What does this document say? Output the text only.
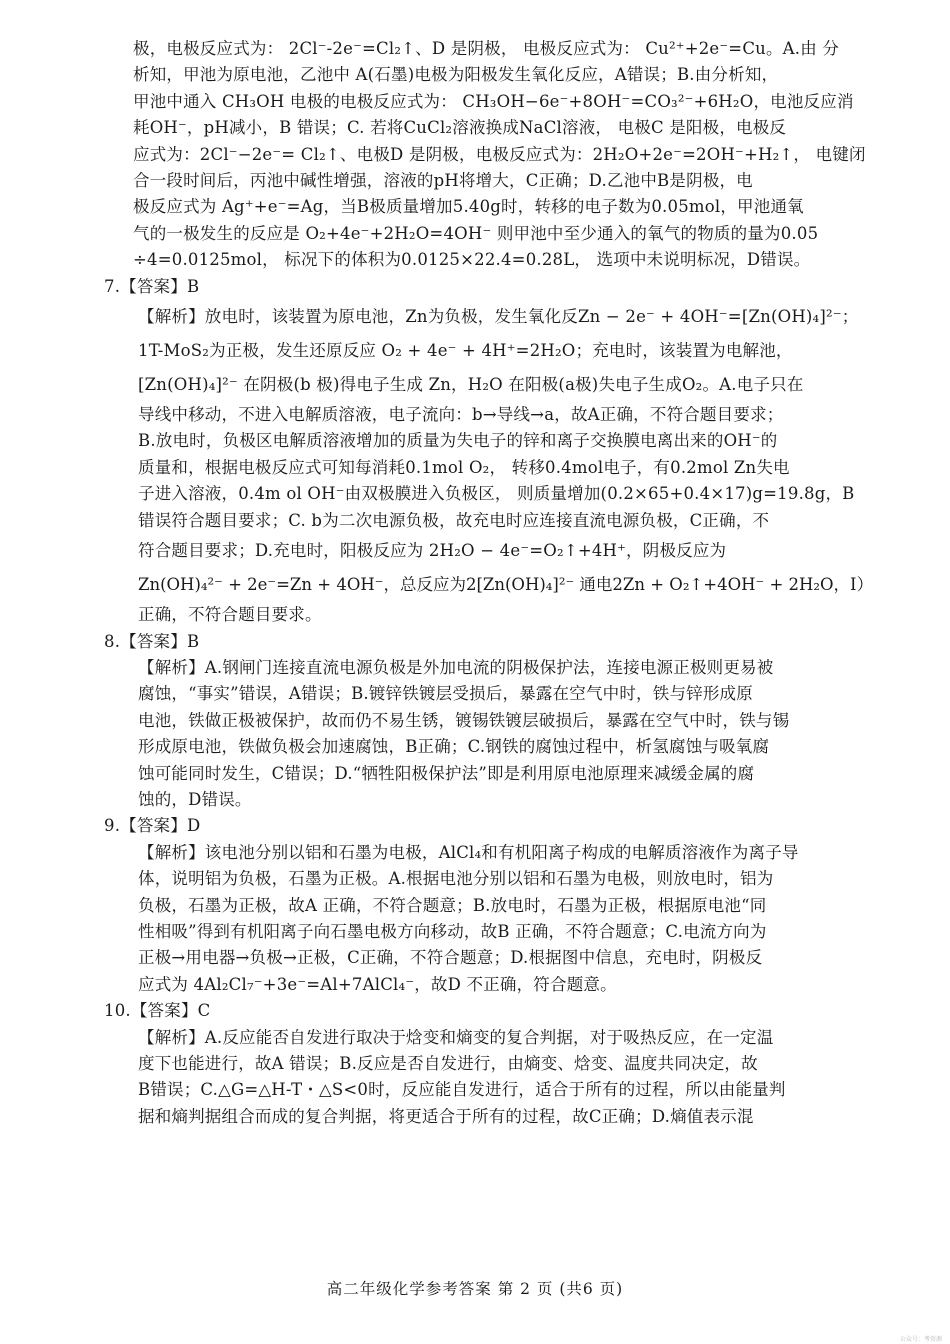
极，电极反应式为： 2Cl⁻-2e⁻=Cl₂↑、D 是阴极， 电极反应式为： Cu²⁺+2e⁻=Cu。A.由 分
析知，甲池为原电池，乙池中 A(石墨)电极为阳极发生氧化反应，A错误；B.由分析知，
甲池中通入 CH₃OH 电极的电极反应式为： CH₃OH−6e⁻+8OH⁻=CO₃²⁻+6H₂O，电池反应消
耗OH⁻，pH减小，B 错误；C. 若将CuCl₂溶液换成NaCl溶液， 电极C 是阳极，电极反
应式为：2Cl⁻−2e⁻= Cl₂↑、电极D 是阴极，电极反应式为：2H₂O+2e⁻=2OH⁻+H₂↑， 电键闭
合一段时间后，丙池中碱性增强，溶液的pH将增大，C正确；D.乙池中B是阴极，电
极反应式为 Ag⁺+e⁻=Ag，当B极质量增加5.40g时，转移的电子数为0.05mol，甲池通氧
气的一极发生的反应是 O₂+4e⁻+2H₂O=4OH⁻ 则甲池中至少通入的氧气的物质的量为0.05
÷4=0.0125mol， 标况下的体积为0.0125×22.4=0.28L， 选项中未说明标况，D错误。
7.【答案】B
【解析】放电时，该装置为原电池，Zn为负极，发生氧化反Zn − 2e⁻ + 4OH⁻=[Zn(OH)₄]²⁻；
1T-MoS₂为正极，发生还原反应 O₂ + 4e⁻ + 4H⁺=2H₂O；充电时，该装置为电解池，
[Zn(OH)₄]²⁻ 在阴极(b 极)得电子生成 Zn，H₂O 在阳极(a极)失电子生成O₂。A.电子只在
导线中移动，不进入电解质溶液，电子流向：b→导线→a，故A正确，不符合题目要求；
B.放电时，负极区电解质溶液增加的质量为失电子的锌和离子交换膜电离出来的OH⁻的
质量和，根据电极反应式可知每消耗0.1mol O₂， 转移0.4mol电子，有0.2mol Zn失电
子进入溶液，0.4m ol OH⁻由双极膜进入负极区， 则质量增加(0.2×65+0.4×17)g=19.8g，B
错误符合题目要求；C. b为二次电源负极，故充电时应连接直流电源负极，C正确，不
符合题目要求；D.充电时，阳极反应为 2H₂O − 4e⁻=O₂↑+4H⁺，阴极反应为
Zn(OH)₄²⁻ + 2e⁻=Zn + 4OH⁻，总反应为2[Zn(OH)₄]²⁻ 通电2Zn + O₂↑+4OH⁻ + 2H₂O，I）
正确，不符合题目要求。
8.【答案】B
【解析】A.钢闸门连接直流电源负极是外加电流的阴极保护法，连接电源正极则更易被
腐蚀，“事实”错误，A错误；B.镀锌铁镀层受损后，暴露在空气中时，铁与锌形成原
电池，铁做正极被保护，故而仍不易生锈，镀锡铁镀层破损后，暴露在空气中时，铁与锡
形成原电池，铁做负极会加速腐蚀，B正确；C.钢铁的腐蚀过程中，析氢腐蚀与吸氧腐
蚀可能同时发生，C错误；D.“牺牲阳极保护法”即是利用原电池原理来减缓金属的腐
蚀的，D错误。
9.【答案】D
【解析】该电池分别以铝和石墨为电极，AlCl₄和有机阳离子构成的电解质溶液作为离子导
体，说明铝为负极，石墨为正极。A.根据电池分别以铝和石墨为电极，则放电时，铝为
负极，石墨为正极，故A 正确，不符合题意；B.放电时，石墨为正极，根据原电池“同
性相吸”得到有机阳离子向石墨电极方向移动，故B 正确，不符合题意；C.电流方向为
正极→用电器→负极→正极，C正确，不符合题意；D.根据图中信息，充电时，阴极反
应式为 4Al₂Cl₇⁻+3e⁻=Al+7AlCl₄⁻，故D 不正确，符合题意。
10.【答案】C
【解析】A.反应能否自发进行取决于焓变和熵变的复合判据，对于吸热反应，在一定温
度下也能进行，故A 错误；B.反应是否自发进行，由熵变、焓变、温度共同决定，故
B错误；C.△G=△H-T・△S<0时，反应能自发进行，适合于所有的过程，所以由能量判
据和熵判据组合而成的复合判据，将更适合于所有的过程，故C正确；D.熵值表示混
高二年级化学参考答案 第 2 页 (共6 页)
公众号：考资源
